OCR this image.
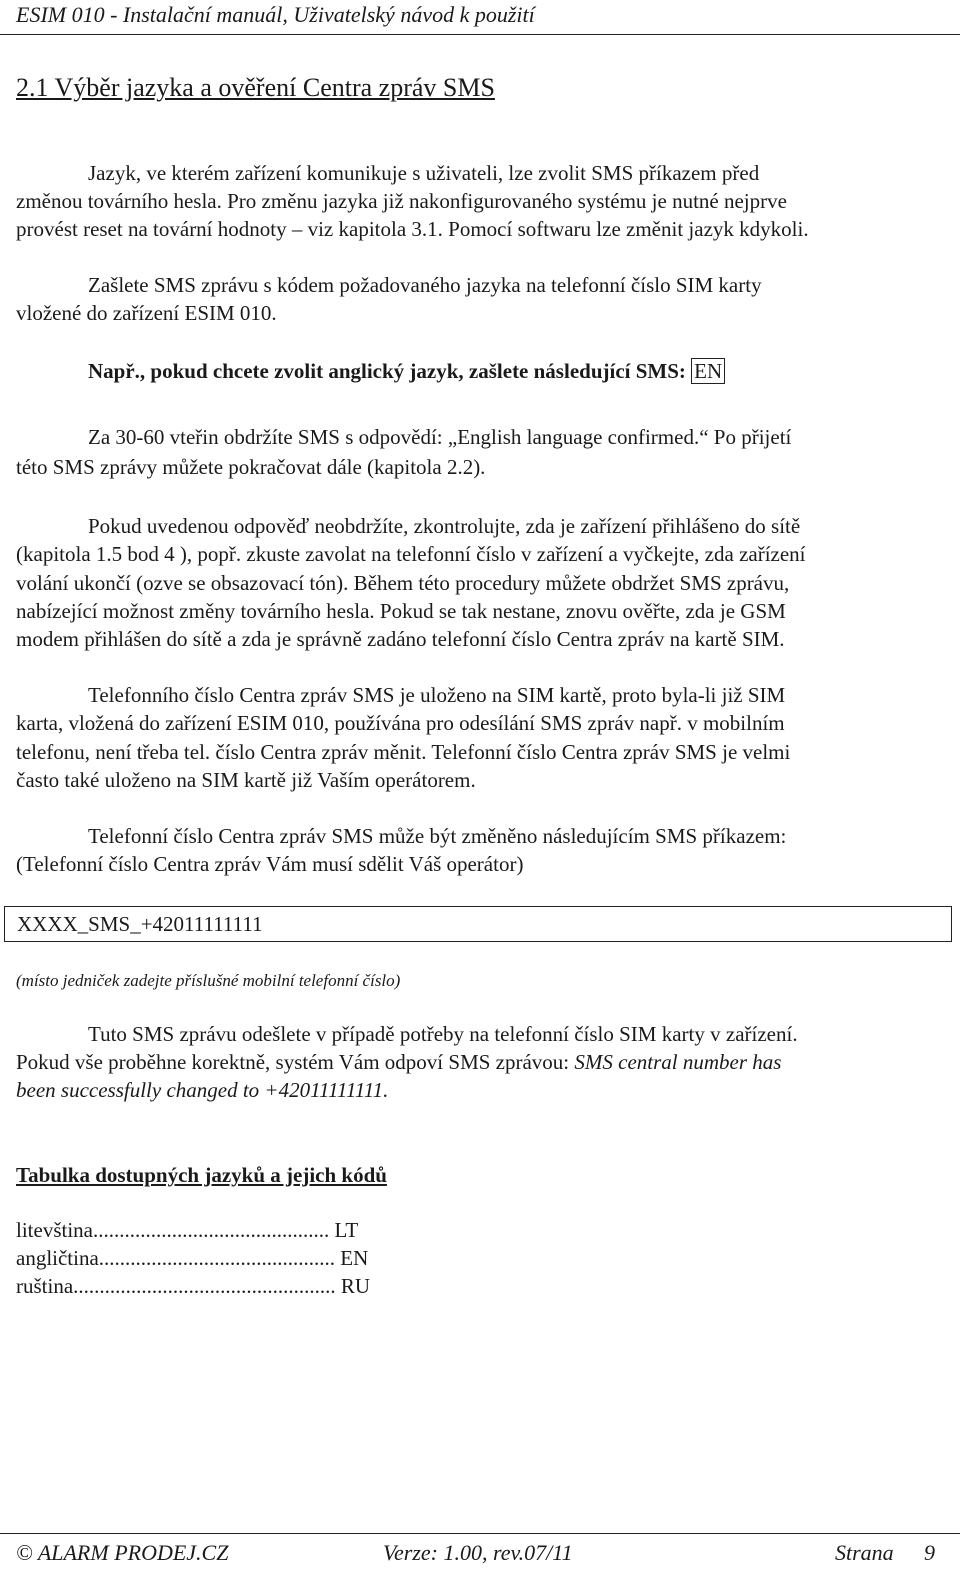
ESIM 010 - Instalační manuál, Uživatelský návod k použití
2.1 Výběr jazyka a ověření Centra zpráv SMS
Jazyk, ve kterém zařízení komunikuje s uživateli, lze zvolit SMS příkazem před
změnou továrního hesla. Pro změnu jazyka již nakonfigurovaného systému je nutné nejprve
provést reset na tovární hodnoty – viz kapitola 3.1. Pomocí softwaru lze změnit jazyk kdykoli.
Zašlete SMS zprávu s kódem požadovaného jazyka na telefonní číslo SIM karty
vložené do zařízení ESIM 010.
Např., pokud chcete zvolit anglický jazyk, zašlete následující SMS: EN
Za 30-60 vteřin obdržíte SMS s odpovědí: „English language confirmed.“ Po přijetí
této SMS zprávy můžete pokračovat dále (kapitola 2.2).
Pokud uvedenou odpověď neobdržíte, zkontrolujte, zda je zařízení přihlášeno do sítě
(kapitola 1.5 bod 4 ), popř. zkuste zavolat na telefonní číslo v zařízení a vyčkejte, zda zařízení
volání ukončí (ozve se obsazovací tón). Během této procedury můžete obdržet SMS zprávu,
nabízející možnost změny továrního hesla. Pokud se tak nestane, znovu ověřte, zda je GSM
modem přihlášen do sítě a zda je správně zadáno telefonní číslo Centra zpráv na kartě SIM.
Telefonního číslo Centra zpráv SMS je uloženo na SIM kartě, proto byla-li již SIM
karta, vložená do zařízení ESIM 010, používána pro odesílání SMS zpráv např. v mobilním
telefonu, není třeba tel. číslo Centra zpráv měnit. Telefonní číslo Centra zpráv SMS je velmi
často také uloženo na SIM kartě již Vaším operátorem.
Telefonní číslo Centra zpráv SMS může být změněno následujícím SMS příkazem:
(Telefonní číslo Centra zpráv Vám musí sdělit Váš operátor)
XXXX_SMS_+42011111111
(místo jedniček zadejte příslušné mobilní telefonní číslo)
Tuto SMS zprávu odešlete v případě potřeby na telefonní číslo SIM karty v zařízení.
Pokud vše proběhne korektně, systém Vám odpoví SMS zprávou: SMS central number has
been successfully changed to +42011111111.
Tabulka dostupných jazyků a jejich kódů
litevština............................................. LT
angličtina............................................. EN
ruština.................................................. RU
© ALARM PRODEJ.CZ	Verze: 1.00, rev.07/11	Strana 9
